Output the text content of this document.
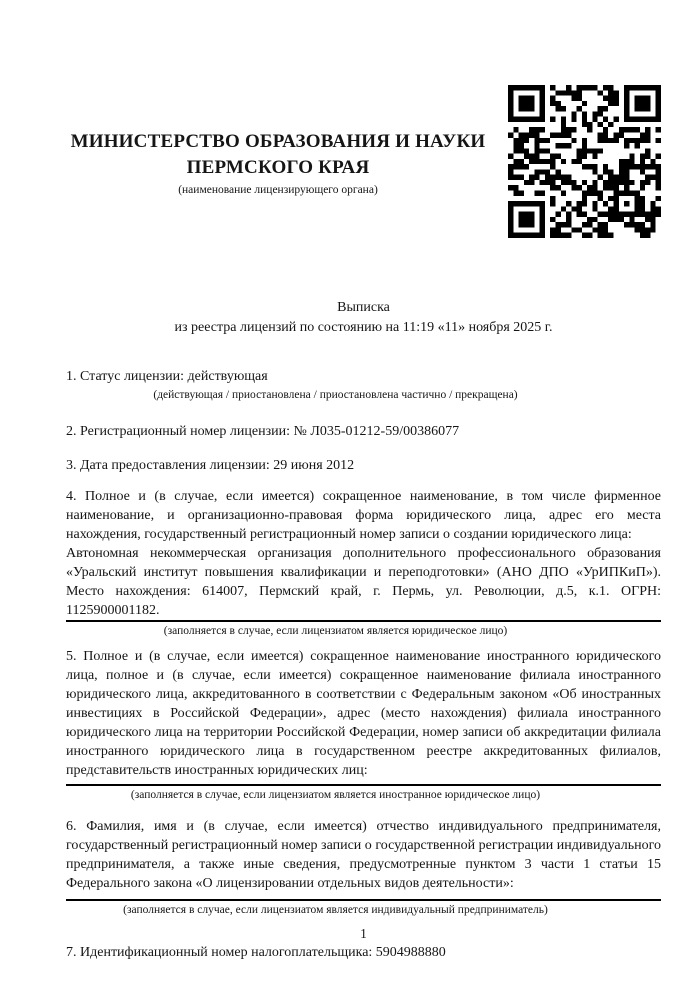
МИНИСТЕРСТВО ОБРАЗОВАНИЯ И НАУКИ
ПЕРМСКОГО КРАЯ
(наименование лицензирующего органа)
Выписка
из реестра лицензий по состоянию на 11:19 «11» ноября 2025 г.
1. Статус лицензии: действующая
(действующая / приостановлена / приостановлена частично / прекращена)
2. Регистрационный номер лицензии: № Л035-01212-59/00386077
3. Дата предоставления лицензии: 29 июня 2012

4. Полное и (в случае, если имеется) сокращенное наименование, в том числе фирменное наименование, и организационно-правовая форма юридического лица, адрес его места нахождения, государственный регистрационный номер записи о создании юридического лица:

Автономная некоммерческая организация дополнительного профессионального образования «Уральский институт повышения квалификации и переподготовки» (АНО ДПО «УрИПКиП»). Место нахождения: 614007, Пермский край, г. Пермь, ул. Революции, д.5, к.1. ОГРН: 1125900001182.

(заполняется в случае, если лицензиатом является юридическое лицо)

5. Полное и (в случае, если имеется) сокращенное наименование иностранного юридического лица, полное и (в случае, если имеется) сокращенное наименование филиала иностранного юридического лица, аккредитованного в соответствии с Федеральным законом «Об иностранных инвестициях в Российской Федерации», адрес (место нахождения) филиала иностранного юридического лица на территории Российской Федерации, номер записи об аккредитации филиала иностранного юридического лица в государственном реестре аккредитованных филиалов, представительств иностранных юридических лиц:

(заполняется в случае, если лицензиатом является иностранное юридическое лицо)

6. Фамилия, имя и (в случае, если имеется) отчество индивидуального предпринимателя, государственный регистрационный номер записи о государственной регистрации индивидуального предпринимателя, а также иные сведения, предусмотренные пунктом 3 части 1 статьи 15 Федерального закона «О лицензировании отдельных видов деятельности»:

(заполняется в случае, если лицензиатом является индивидуальный предприниматель)
7. Идентификационный номер налогоплательщика: 5904988880
1
